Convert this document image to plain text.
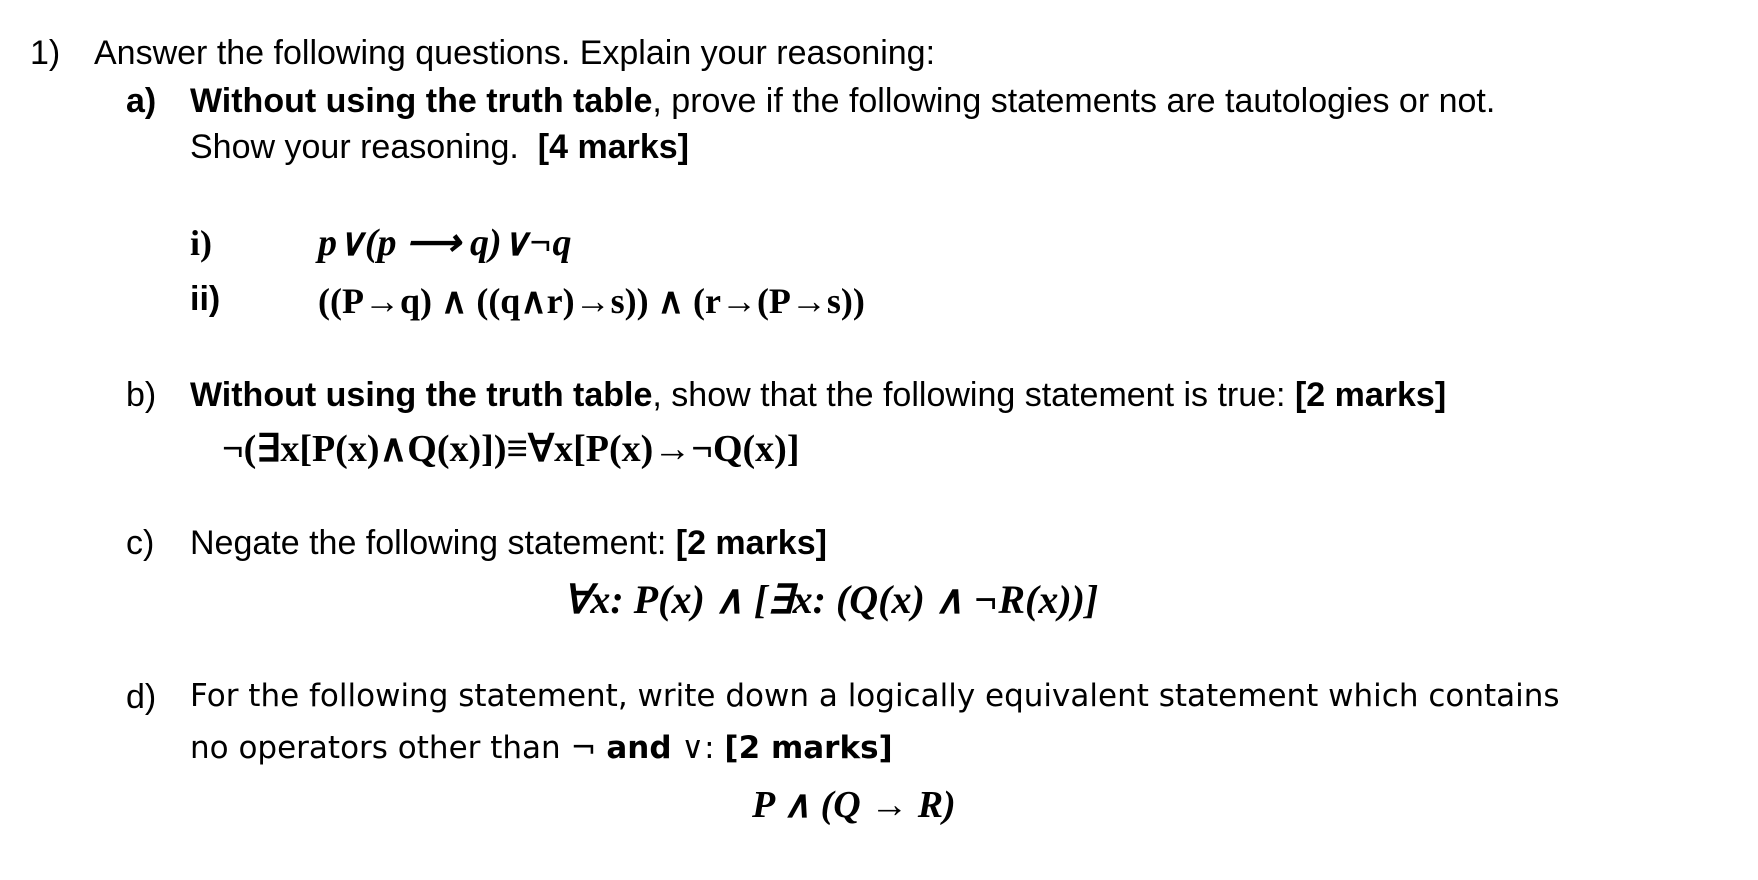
1) Answer the following questions. Explain your reasoning:
a) Without using the truth table, prove if the following statements are tautologies or not.
Show your reasoning. [4 marks]
i)	p∨(p ⟶ q)∨¬q
ii)	((P→q) ∧ ((q∧r)→s)) ∧ (r→(P→s))
b) Without using the truth table, show that the following statement is true: [2 marks]
¬(∃x[P(x)∧Q(x)])≡∀x[P(x)→¬Q(x)]
c) Negate the following statement: [2 marks]
∀x: P(x) ∧ [∃x: (Q(x) ∧ ¬R(x))]
d) For the following statement, write down a logically equivalent statement which contains
no operators other than ¬ and ∨: [2 marks]
P ∧ (Q → R)
